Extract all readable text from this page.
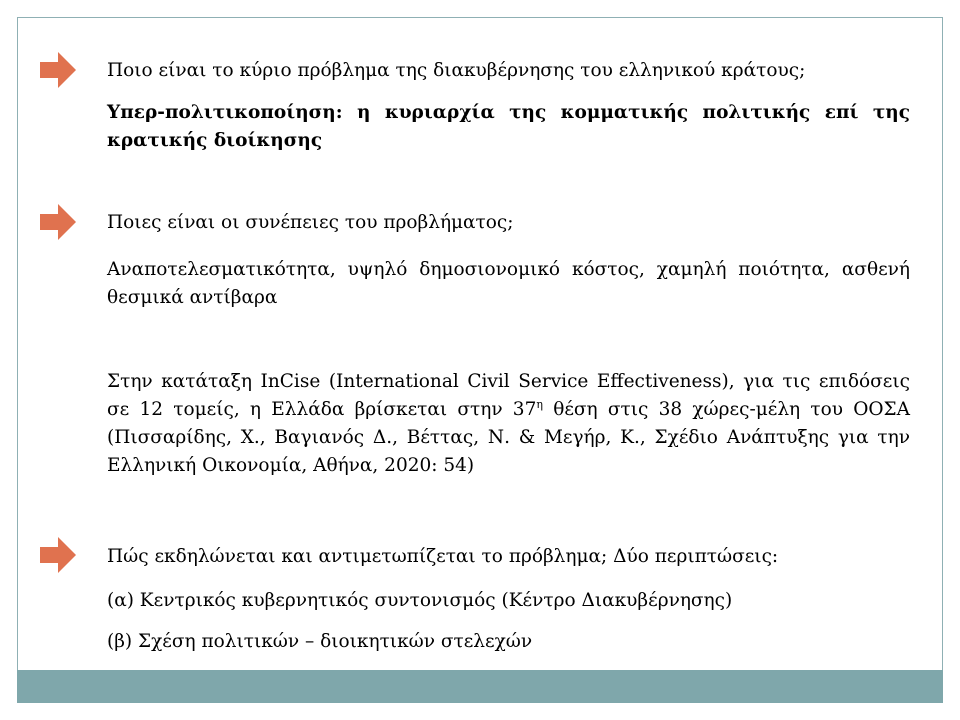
Ποιο είναι το κύριο πρόβλημα της διακυβέρνησης του ελληνικού κράτους;
Υπερ-πολιτικοποίηση: η κυριαρχία της κομματικής πολιτικής επί της κρατικής διοίκησης
Ποιες είναι οι συνέπειες του προβλήματος;
Αναποτελεσματικότητα, υψηλό δημοσιονομικό κόστος, χαμηλή ποιότητα, ασθενή θεσμικά αντίβαρα
Στην κατάταξη InCise (International Civil Service Effectiveness), για τις επιδόσεις σε 12 τομείς, η Ελλάδα βρίσκεται στην $37^\eta$ θέση στις 38 χώρες-μέλη του ΟΟΣΑ (Πισσαρίδης, Χ., Βαγιανός Δ., Βέττας, Ν. & Μεγήρ, Κ., Σχέδιο Ανάπτυξης για την Ελληνική Οικονομία, Αθήνα, 2020: 54)
Πώς εκδηλώνεται και αντιμετωπίζεται το πρόβλημα; Δύο περιπτώσεις:
(α) Κεντρικός κυβερνητικός συντονισμός (Κέντρο Διακυβέρνησης)
(β) Σχέση πολιτικών – διοικητικών στελεχών
